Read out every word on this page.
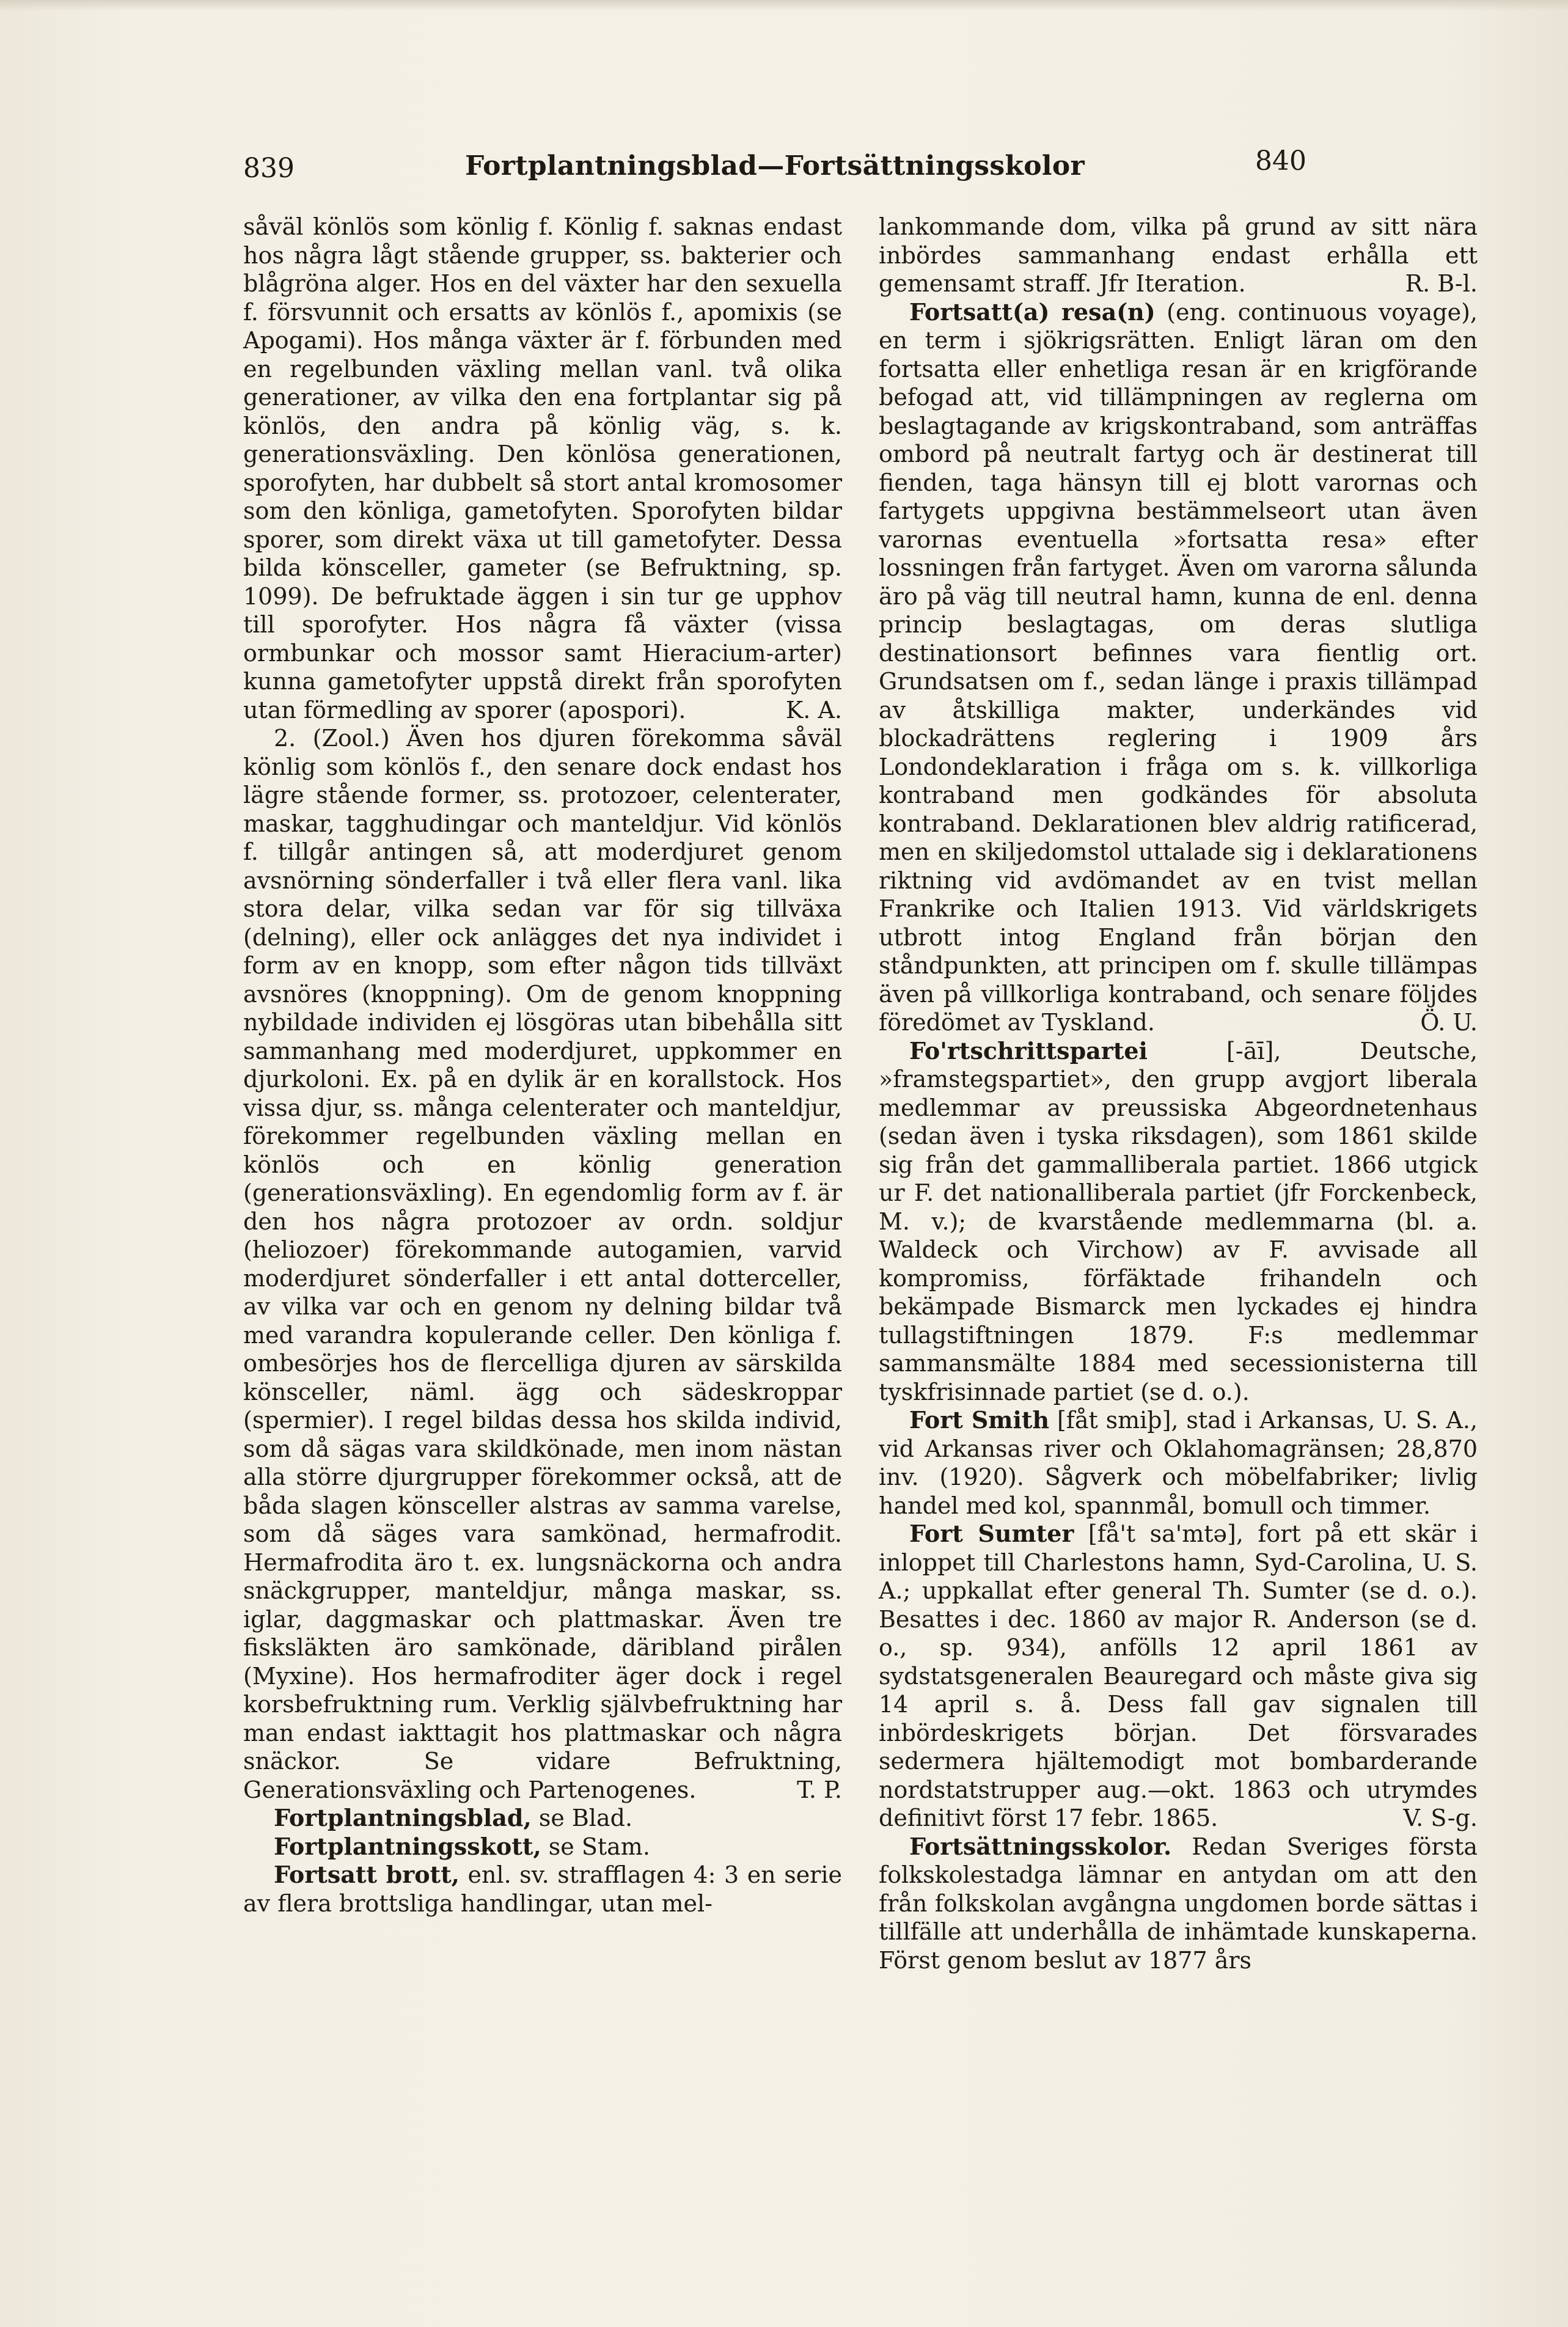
839	Fortplantningsblad—Fortsättningsskolor	840

såväl könlös som könlig f. Könlig f. saknas endast hos några lågt stående grupper, ss. bakterier och blågröna alger. Hos en del växter har den sexuella f. försvunnit och ersatts av könlös f., apomixis (se Apogami). Hos många växter är f. förbunden med en regelbunden växling mellan vanl. två olika generationer, av vilka den ena fortplantar sig på könlös, den andra på könlig väg, s. k. generationsväxling. Den könlösa generationen, sporofyten, har dubbelt så stort antal kromosomer som den könliga, gametofyten. Sporofyten bildar sporer, som direkt växa ut till gametofyter. Dessa bilda könsceller, gameter (se Befruktning, sp. 1099). De befruktade äggen i sin tur ge upphov till sporofyter. Hos några få växter (vissa ormbunkar och mossor samt Hieracium-arter) kunna gametofyter uppstå direkt från sporofyten utan förmedling av sporer (apospori).	K. A.

2. (Zool.) Även hos djuren förekomma såväl könlig som könlös f., den senare dock endast hos lägre stående former, ss. protozoer, celenterater, maskar, tagghudingar och manteldjur. Vid könlös f. tillgår antingen så, att moderdjuret genom avsnörning sönderfaller i två eller flera vanl. lika stora delar, vilka sedan var för sig tillväxa (delning), eller ock anlägges det nya individet i form av en knopp, som efter någon tids tillväxt avsnöres (knoppning). Om de genom knoppning nybildade individen ej lösgöras utan bibehålla sitt sammanhang med moderdjuret, uppkommer en djurkoloni. Ex. på en dylik är en korallstock. Hos vissa djur, ss. många celenterater och manteldjur, förekommer regelbunden växling mellan en könlös och en könlig generation (generationsväxling). En egendomlig form av f. är den hos några protozoer av ordn. soldjur (heliozoer) förekommande autogamien, varvid moderdjuret sönderfaller i ett antal dotterceller, av vilka var och en genom ny delning bildar två med varandra kopulerande celler. Den könliga f. ombesörjes hos de flercelliga djuren av särskilda könsceller, näml. ägg och sädeskroppar (spermier). I regel bildas dessa hos skilda individ, som då sägas vara skildkönade, men inom nästan alla större djurgrupper förekommer också, att de båda slagen könsceller alstras av samma varelse, som då säges vara samkönad, hermafrodit. Hermafrodita äro t. ex. lungsnäckorna och andra snäckgrupper, manteldjur, många maskar, ss. iglar, daggmaskar och plattmaskar. Även tre fisksläkten äro samkönade, däribland pirålen (Myxine). Hos hermafroditer äger dock i regel korsbefruktning rum. Verklig självbefruktning har man endast iakttagit hos plattmaskar och några snäckor. Se vidare Befruktning, Generationsväxling och Partenogenes.	T. P.

Fortplantningsblad, se Blad.

Fortplantningsskott, se Stam.

Fortsatt brott, enl. sv. strafflagen 4: 3 en serie av flera brottsliga handlingar, utan mel-

lankommande dom, vilka på grund av sitt nära inbördes sammanhang endast erhålla ett gemensamt straff. Jfr Iteration.	R. B-l.

Fortsatt(a) resa(n) (eng. continuous voyage), en term i sjökrigsrätten. Enligt läran om den fortsatta eller enhetliga resan är en krigförande befogad att, vid tillämpningen av reglerna om beslagtagande av krigskontraband, som anträffas ombord på neutralt fartyg och är destinerat till fienden, taga hänsyn till ej blott varornas och fartygets uppgivna bestämmelseort utan även varornas eventuella »fortsatta resa» efter lossningen från fartyget. Även om varorna sålunda äro på väg till neutral hamn, kunna de enl. denna princip beslagtagas, om deras slutliga destinationsort befinnes vara fientlig ort. Grundsatsen om f., sedan länge i praxis tillämpad av åtskilliga makter, underkändes vid blockadrättens reglering i 1909 års Londondeklaration i fråga om s. k. villkorliga kontraband men godkändes för absoluta kontraband. Deklarationen blev aldrig ratificerad, men en skiljedomstol uttalade sig i deklarationens riktning vid avdömandet av en tvist mellan Frankrike och Italien 1913. Vid världskrigets utbrott intog England från början den ståndpunkten, att principen om f. skulle tillämpas även på villkorliga kontraband, och senare följdes föredömet av Tyskland.	Ö. U.

Fo'rtschrittspartei	[-āī], Deutsche, »framstegspartiet», den grupp avgjort liberala medlemmar av preussiska Abgeordnetenhaus (sedan även i tyska riksdagen), som 1861 skilde sig från det gammalliberala partiet. 1866 utgick ur F. det nationalliberala partiet (jfr Forckenbeck, M. v.); de kvarstående medlemmarna (bl. a. Waldeck och Virchow) av F. avvisade all kompromiss, förfäktade frihandeln och bekämpade Bismarck men lyckades ej hindra tullagstiftningen 1879. F:s medlemmar sammansmälte 1884 med secessionisterna till tyskfrisinnade partiet (se d. o.).

Fort Smith [fåt smiþ], stad i Arkansas, U. S. A., vid Arkansas river och Oklahomagränsen; 28,870 inv. (1920). Sågverk och möbelfabriker; livlig handel med kol, spannmål, bomull och timmer.

Fort Sumter [få't sa'mtə], fort på ett skär i inloppet till Charlestons hamn, Syd-Carolina, U. S. A.; uppkallat efter general Th. Sumter (se d. o.). Besattes i dec. 1860 av major R. Anderson (se d. o., sp. 934), anfölls 12 april 1861 av sydstatsgeneralen Beauregard och måste giva sig 14 april s. å. Dess fall gav signalen till inbördeskrigets början. Det försvarades sedermera hjältemodigt mot bombarderande nordstatstrupper aug.—okt. 1863 och utrymdes definitivt först 17 febr. 1865.	V. S-g.

Fortsättningsskolor. Redan Sveriges första folkskolestadga lämnar en antydan om att den från folkskolan avgångna ungdomen borde sättas i tillfälle att underhålla de inhämtade kunskaperna. Först genom beslut av 1877 års
